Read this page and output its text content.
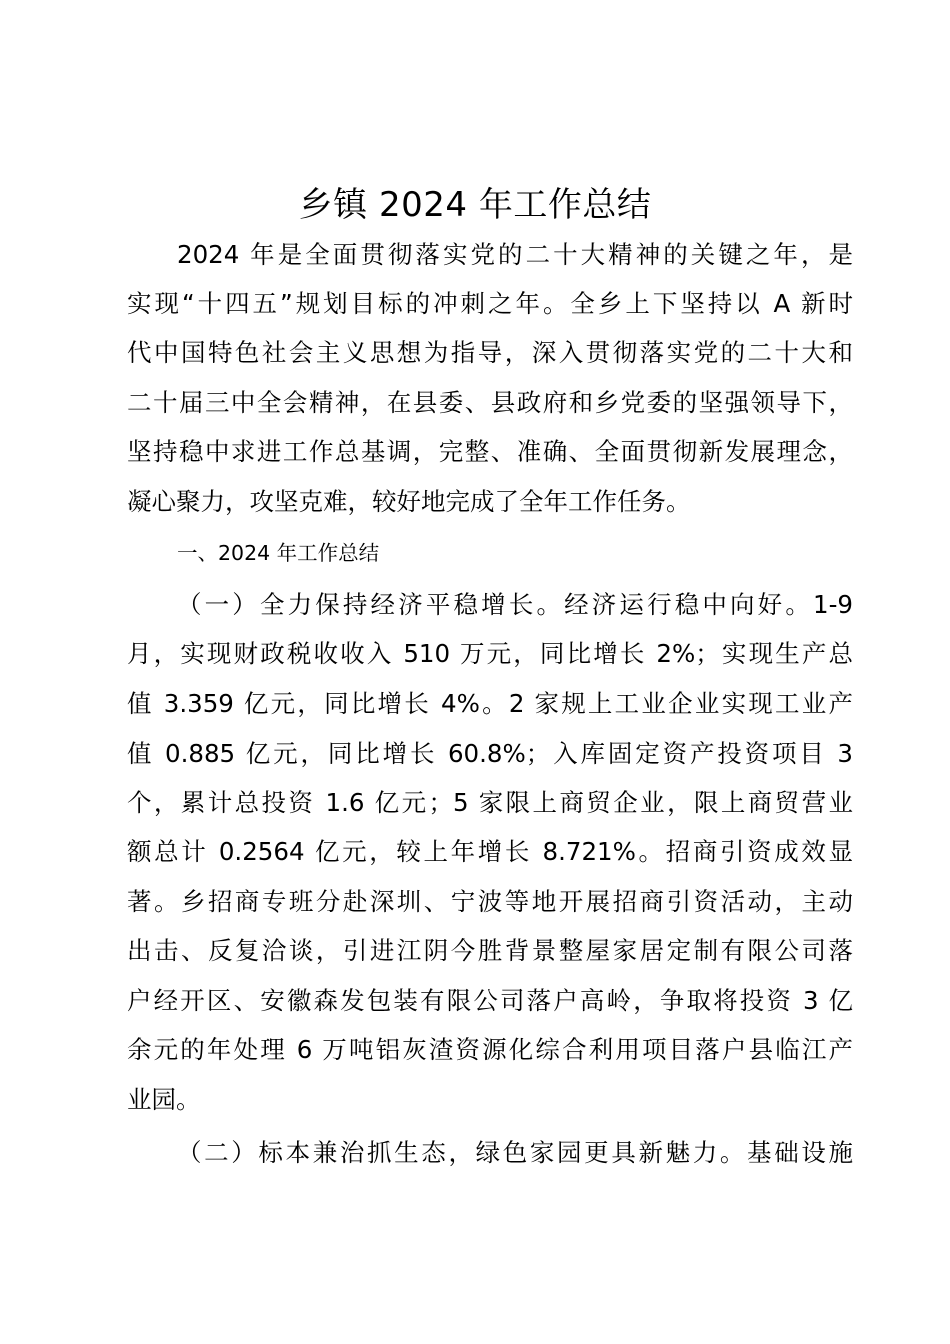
乡镇 2024 年工作总结

2024 年是全面贯彻落实党的二十大精神的关键之年，是

实现“十四五”规划目标的冲刺之年。全乡上下坚持以 A 新时

代中国特色社会主义思想为指导，深入贯彻落实党的二十大和

二十届三中全会精神，在县委、县政府和乡党委的坚强领导下，

坚持稳中求进工作总基调，完整、准确、全面贯彻新发展理念，

凝心聚力，攻坚克难，较好地完成了全年工作任务。

一、2024 年工作总结

（一）全力保持经济平稳增长。经济运行稳中向好。1-9

月，实现财政税收收入 510 万元，同比增长 2%；实现生产总

值 3.359 亿元，同比增长 4%。2 家规上工业企业实现工业产

值 0.885 亿元，同比增长 60.8%；入库固定资产投资项目 3

个，累计总投资 1.6 亿元；5 家限上商贸企业，限上商贸营业

额总计 0.2564 亿元，较上年增长 8.721%。招商引资成效显

著。乡招商专班分赴深圳、宁波等地开展招商引资活动，主动

出击、反复洽谈，引进江阴今胜背景整屋家居定制有限公司落

户经开区、安徽森发包装有限公司落户高岭，争取将投资 3 亿

余元的年处理 6 万吨铝灰渣资源化综合利用项目落户县临江产

业园。

（二）标本兼治抓生态，绿色家园更具新魅力。基础设施
